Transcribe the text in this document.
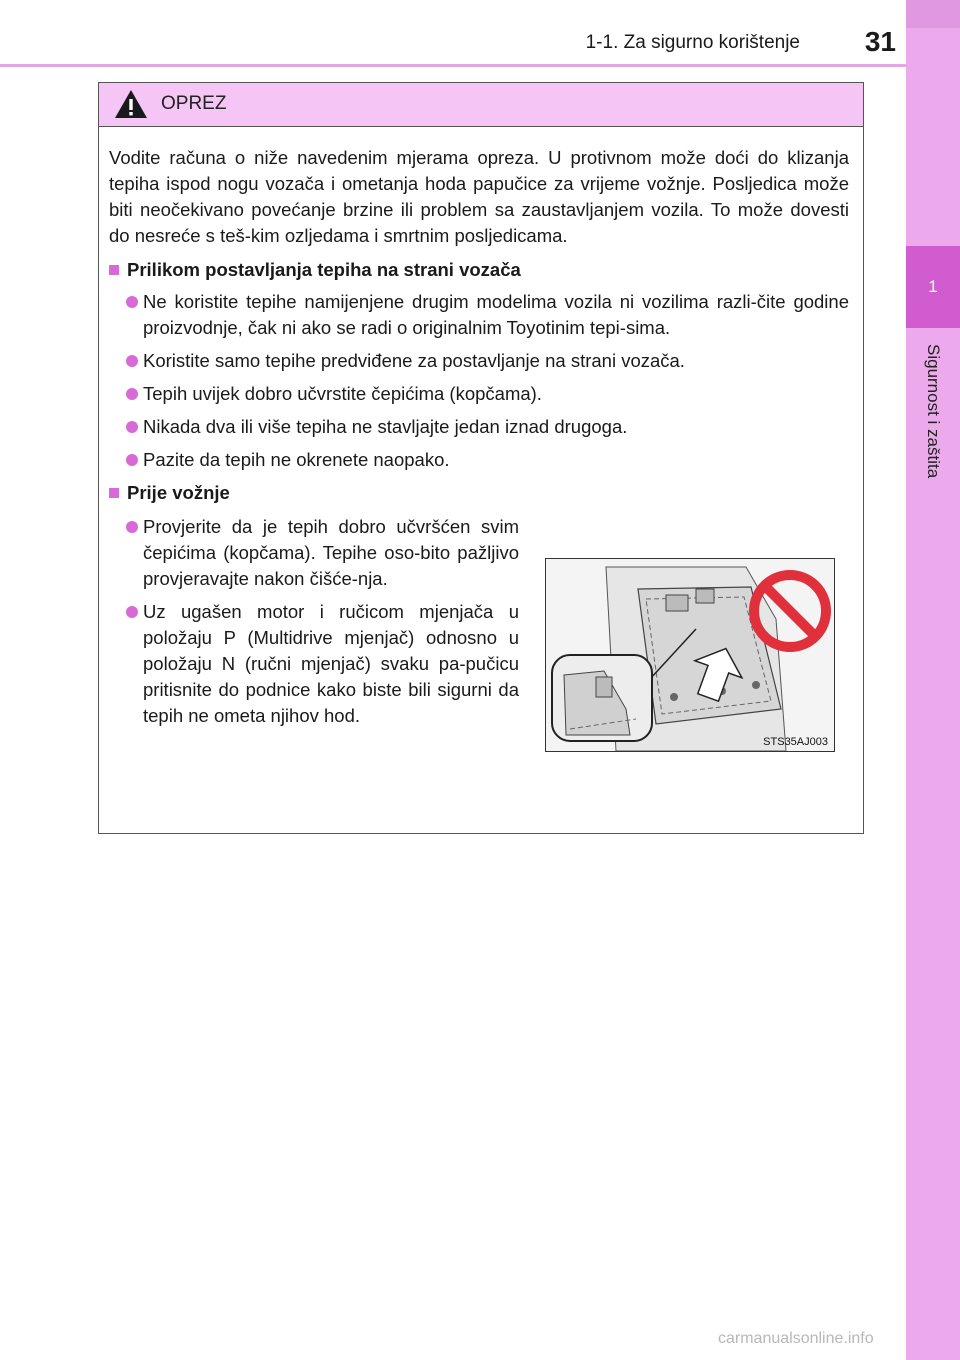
1-1. Za sigurno korištenje	31
1
Sigurnost i zaštita
OPREZ

Vodite računa o niže navedenim mjerama opreza. U protivnom može doći do klizanja tepiha ispod nogu vozača i ometanja hoda papučice za vrijeme vožnje. Posljedica može biti neočekivano povećanje brzine ili problem sa zaustavljanjem vozila. To može dovesti do nesreće s teš-kim ozljedama i smrtnim posljedicama.

Prilikom postavljanja tepiha na strani vozača
Ne koristite tepihe namijenjene drugim modelima vozila ni vozilima razli-čite godine proizvodnje, čak ni ako se radi o originalnim Toyotinim tepi-sima.
Koristite samo tepihe predviđene za postavljanje na strani vozača.
Tepih uvijek dobro učvrstite čepićima (kopčama).
Nikada dva ili više tepiha ne stavljajte jedan iznad drugoga.
Pazite da tepih ne okrenete naopako.
Prije vožnje
Provjerite da je tepih dobro učvršćen svim čepićima (kopčama). Tepihe oso-bito pažljivo provjeravajte nakon čišće-nja.
Uz ugašen motor i ručicom mjenjača u položaju P (Multidrive mjenjač) odnosno u položaju N (ručni mjenjač) svaku pa-pučicu pritisnite do podnice kako biste bili sigurni da tepih ne ometa njihov hod.
STS35AJ003
carmanualsonline.info
